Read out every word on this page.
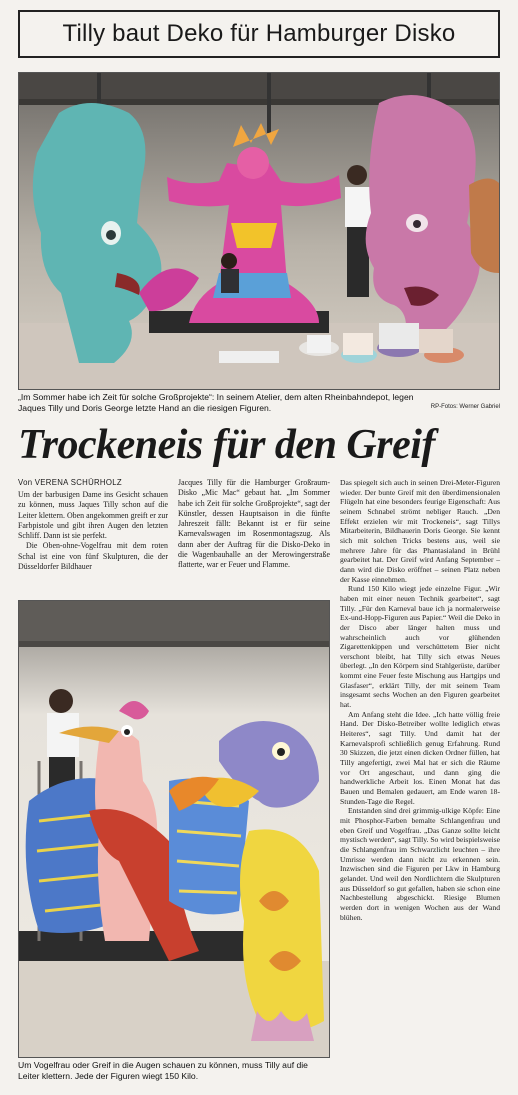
Tilly baut Deko für Hamburger Disko
„Im Sommer habe ich Zeit für solche Großprojekte“: In seinem Atelier, dem alten Rheinbahndepot, legen Jaques Tilly und Doris George letzte Hand an die riesigen Figuren.	RP-Fotos: Werner Gabriel
Trockeneis für den Greif
Von VERENA SCHÜRHOLZ

Um der barbusigen Dame ins Gesicht schauen zu können, muss Jaques Tilly schon auf die Leiter klettern. Oben angekommen greift er zur Farbpistole und gibt ihren Augen den letzten Schliff. Dann ist sie perfekt.

Die Oben-ohne-Vogelfrau mit dem roten Schal ist eine von fünf Skulpturen, die der Düsseldorfer Bildhauer

Jacques Tilly für die Hamburger Großraum-Disko „Mic Mac“ gebaut hat. „Im Sommer habe ich Zeit für solche Großprojekte“, sagt der Künstler, dessen Hauptsaison in die fünfte Jahreszeit fällt: Bekannt ist er für seine Karnevalswagen im Rosenmontagszug. Als dann aber der Auftrag für die Disko-Deko in die Wagenbauhalle an der Merowingerstraße flatterte, war er Feuer und Flamme.

Das spiegelt sich auch in seinen Drei-Meter-Figuren wieder. Der bunte Greif mit den überdimensionalen Flügeln hat eine besonders feurige Eigenschaft: Aus seinem Schnabel strömt nebliger Rauch. „Den Effekt erzielen wir mit Trockeneis“, sagt Tillys Mitarbeiterin, Bildhauerin Doris George. Sie kennt sich mit solchen Tricks bestens aus, weil sie mehrere Jahre für das Phantasialand in Brühl gearbeitet hat. Der Greif wird Anfang September – dann wird die Disko eröffnet – seinen Platz neben der Kasse einnehmen.

Rund 150 Kilo wiegt jede einzelne Figur. „Wir haben mit einer neuen Technik gearbeitet“, sagt Tilly. „Für den Karneval baue ich ja normalerweise Ex-und-Hopp-Figuren aus Papier.“ Weil die Deko in der Disco aber länger halten muss und wahrscheinlich auch vor glühenden Zigarettenkippen und verschüttetem Bier nicht verschont bleibt, hat Tilly sich etwas Neues überlegt. „In den Körpern sind Stahlgerüste, darüber kommt eine Feuer feste Mischung aus Hartgips und Glasfaser“, erklärt Tilly, der mit seinem Team insgesamt sechs Wochen an den Figuren gearbeitet hat.

Am Anfang steht die Idee. „Ich hatte völlig freie Hand. Der Disko-Betreiber wollte lediglich etwas Heiteres“, sagt Tilly. Und damit hat der Karnevalsprofi schließlich genug Erfahrung. Rund 30 Skizzen, die jetzt einen dicken Ordner füllen, hat Tilly angefertigt, zwei Mal hat er sich die Räume vor Ort angeschaut, und dann ging die handwerkliche Arbeit los. Einen Monat hat das Bauen und Bemalen gedauert, am Ende waren 18-Stunden-Tage die Regel.

Entstanden sind drei grimmig-ulkige Köpfe: Eine mit Phosphor-Farben bemalte Schlangenfrau und eben Greif und Vogelfrau. „Das Ganze sollte leicht mystisch werden“, sagt Tilly. So wird beispielsweise die Schlangenfrau im Schwarzlicht leuchten – ihre Umrisse werden dann nicht zu erkennen sein. Inzwischen sind die Figuren per Lkw in Hamburg gelandet. Und weil den Nordlichtern die Skulpturen aus Düsseldorf so gut gefallen, haben sie schon eine Nachbestellung abgeschickt. Riesige Blumen werden dort in wenigen Wochen aus der Wand blühen.

Um Vogelfrau oder Greif in die Augen schauen zu können, muss Tilly auf die Leiter klettern. Jede der Figuren wiegt 150 Kilo.
